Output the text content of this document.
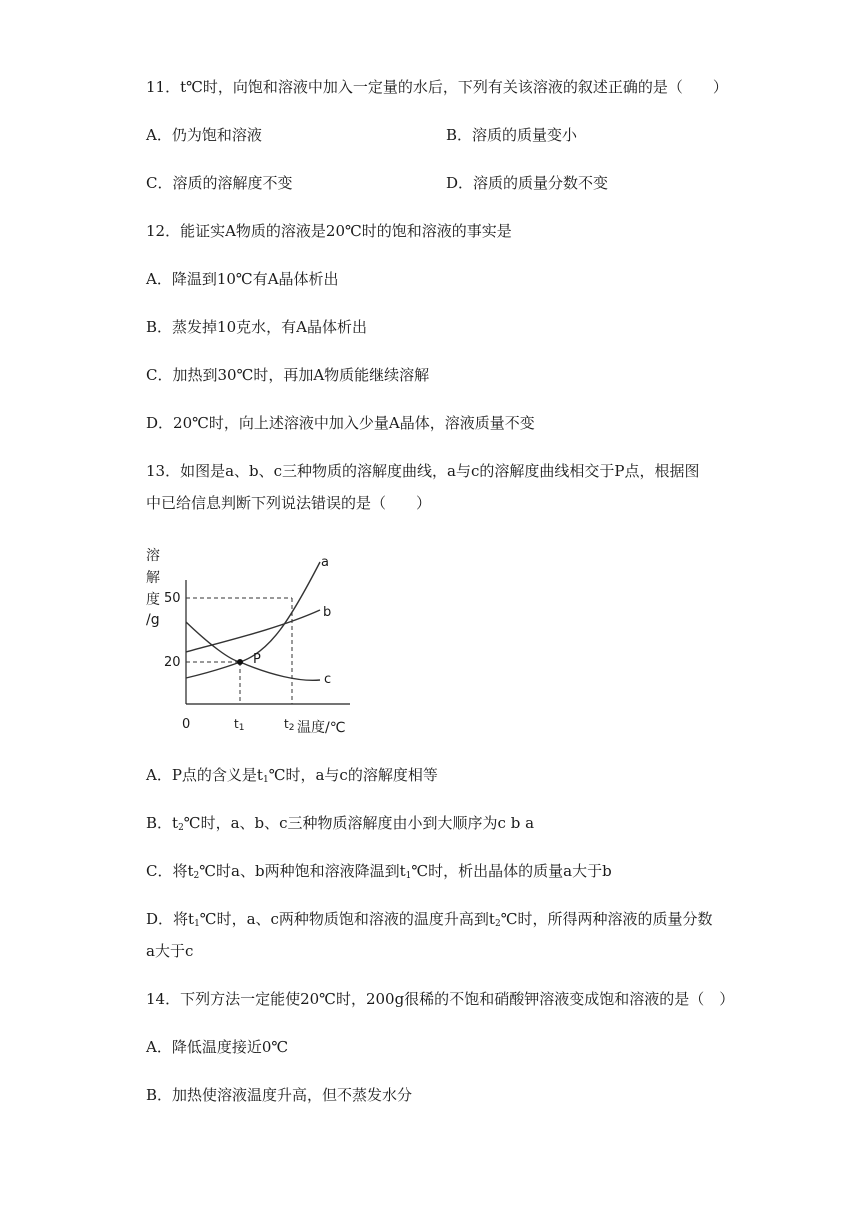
11．t℃时，向饱和溶液中加入一定量的水后，下列有关该溶液的叙述正确的是（　　）
A．仍为饱和溶液	B．溶质的质量变小
C．溶质的溶解度不变	D．溶质的质量分数不变
12．能证实A物质的溶液是20℃时的饱和溶液的事实是
A．降温到10℃有A晶体析出
B．蒸发掉10克水，有A晶体析出
C．加热到30℃时，再加A物质能继续溶解
D．20℃时，向上述溶液中加入少量A晶体，溶液质量不变
13．如图是a、b、c三种物质的溶解度曲线，a与c的溶解度曲线相交于P点，根据图
中已给信息判断下列说法错误的是（　　）
溶
解
度
/g
50
20
0	t1	t2 温度/℃
P
a
b
c
A．P点的含义是$t_1℃$时，a与c的溶解度相等
B．$t_2℃$时，a、b、c三种物质溶解度由小到大顺序为c b a
C．将$t_2℃$时a、b两种饱和溶液降温到$t_1℃$时，析出晶体的质量a大于b
D．将$t_1℃$时，a、c两种物质饱和溶液的温度升高到$t_2℃$时，所得两种溶液的质量分数
a大于c
14．下列方法一定能使20℃时，200g很稀的不饱和硝酸钾溶液变成饱和溶液的是（　）
A．降低温度接近0℃
B．加热使溶液温度升高，但不蒸发水分
